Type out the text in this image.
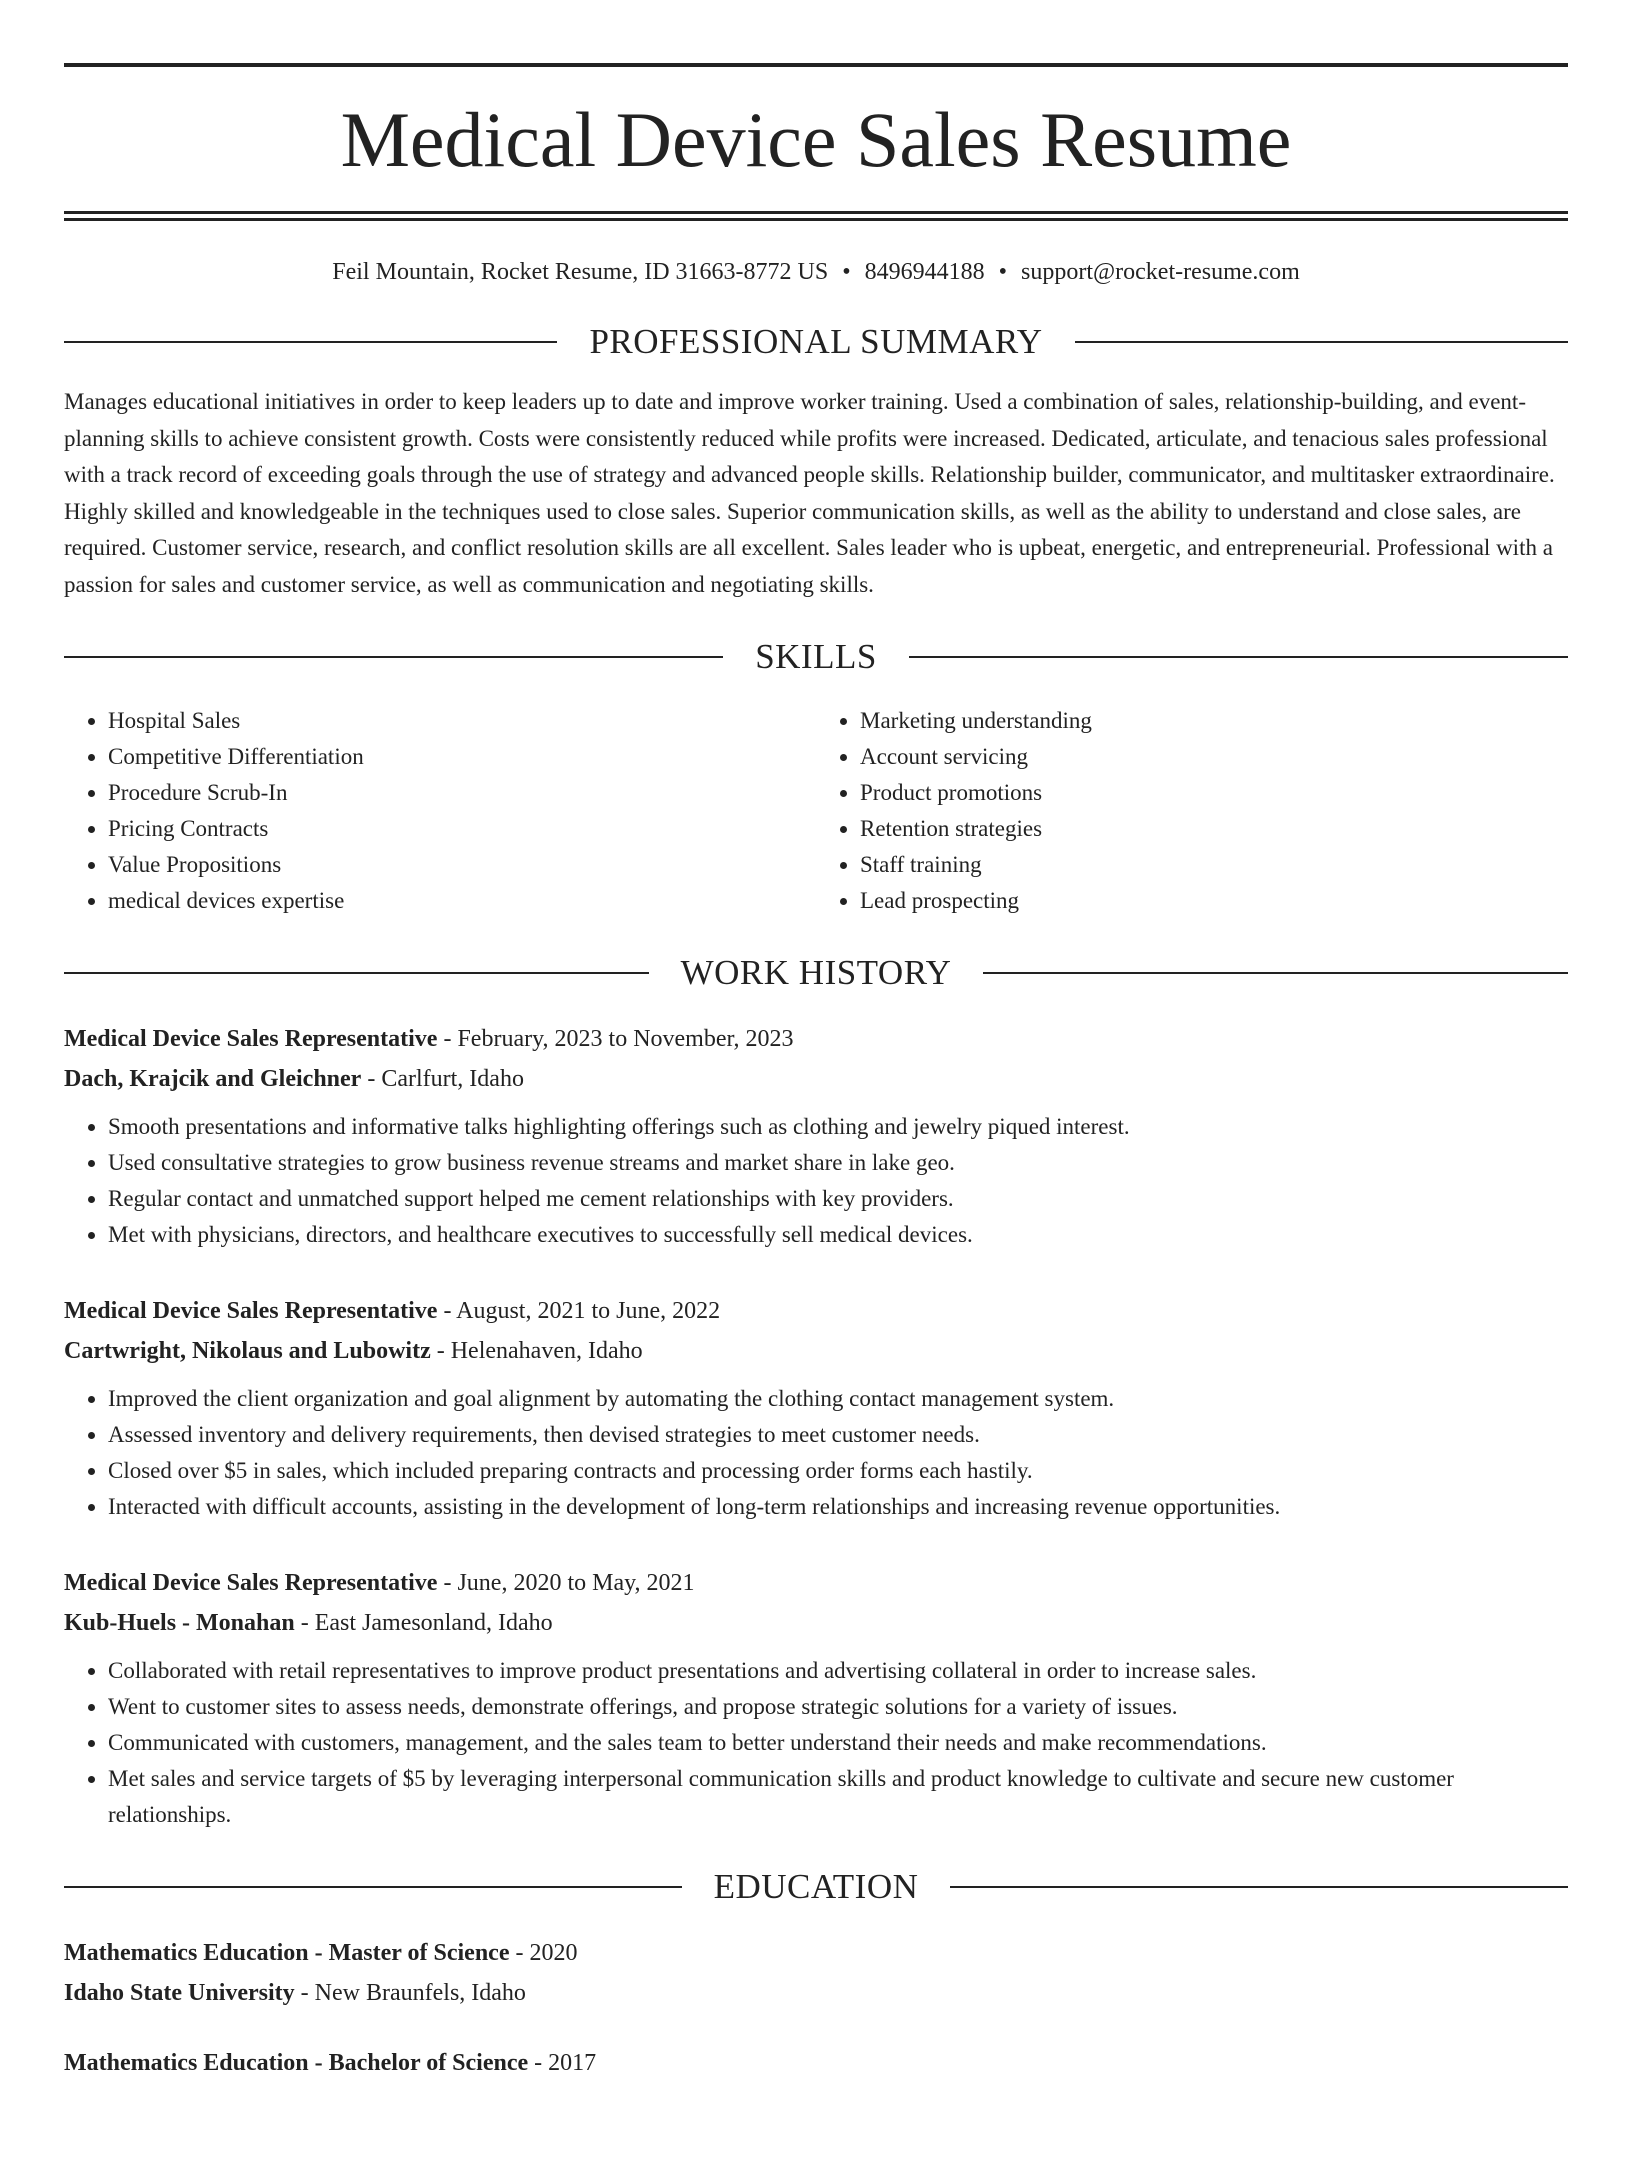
Medical Device Sales Resume
Feil Mountain, Rocket Resume, ID 31663-8772 US • 8496944188 • support@rocket-resume.com
PROFESSIONAL SUMMARY

Manages educational initiatives in order to keep leaders up to date and improve worker training. Used a combination of sales, relationship-building, and event-planning skills to achieve consistent growth. Costs were consistently reduced while profits were increased. Dedicated, articulate, and tenacious sales professional with a track record of exceeding goals through the use of strategy and advanced people skills. Relationship builder, communicator, and multitasker extraordinaire. Highly skilled and knowledgeable in the techniques used to close sales. Superior communication skills, as well as the ability to understand and close sales, are required. Customer service, research, and conflict resolution skills are all excellent. Sales leader who is upbeat, energetic, and entrepreneurial. Professional with a passion for sales and customer service, as well as communication and negotiating skills.

SKILLS
• Hospital Sales
• Competitive Differentiation
• Procedure Scrub-In
• Pricing Contracts
• Value Propositions
• medical devices expertise
• Marketing understanding
• Account servicing
• Product promotions
• Retention strategies
• Staff training
• Lead prospecting
WORK HISTORY
Medical Device Sales Representative - February, 2023 to November, 2023
Dach, Krajcik and Gleichner - Carlfurt, Idaho
• Smooth presentations and informative talks highlighting offerings such as clothing and jewelry piqued interest.
• Used consultative strategies to grow business revenue streams and market share in lake geo.
• Regular contact and unmatched support helped me cement relationships with key providers.
• Met with physicians, directors, and healthcare executives to successfully sell medical devices.
Medical Device Sales Representative - August, 2021 to June, 2022
Cartwright, Nikolaus and Lubowitz - Helenahaven, Idaho
• Improved the client organization and goal alignment by automating the clothing contact management system.
• Assessed inventory and delivery requirements, then devised strategies to meet customer needs.
• Closed over $5 in sales, which included preparing contracts and processing order forms each hastily.
• Interacted with difficult accounts, assisting in the development of long-term relationships and increasing revenue opportunities.
Medical Device Sales Representative - June, 2020 to May, 2021
Kub-Huels - Monahan - East Jamesonland, Idaho
• Collaborated with retail representatives to improve product presentations and advertising collateral in order to increase sales.
• Went to customer sites to assess needs, demonstrate offerings, and propose strategic solutions for a variety of issues.
• Communicated with customers, management, and the sales team to better understand their needs and make recommendations.
• Met sales and service targets of $5 by leveraging interpersonal communication skills and product knowledge to cultivate and secure new customer relationships.
EDUCATION
Mathematics Education - Master of Science - 2020
Idaho State University - New Braunfels, Idaho
Mathematics Education - Bachelor of Science - 2017
